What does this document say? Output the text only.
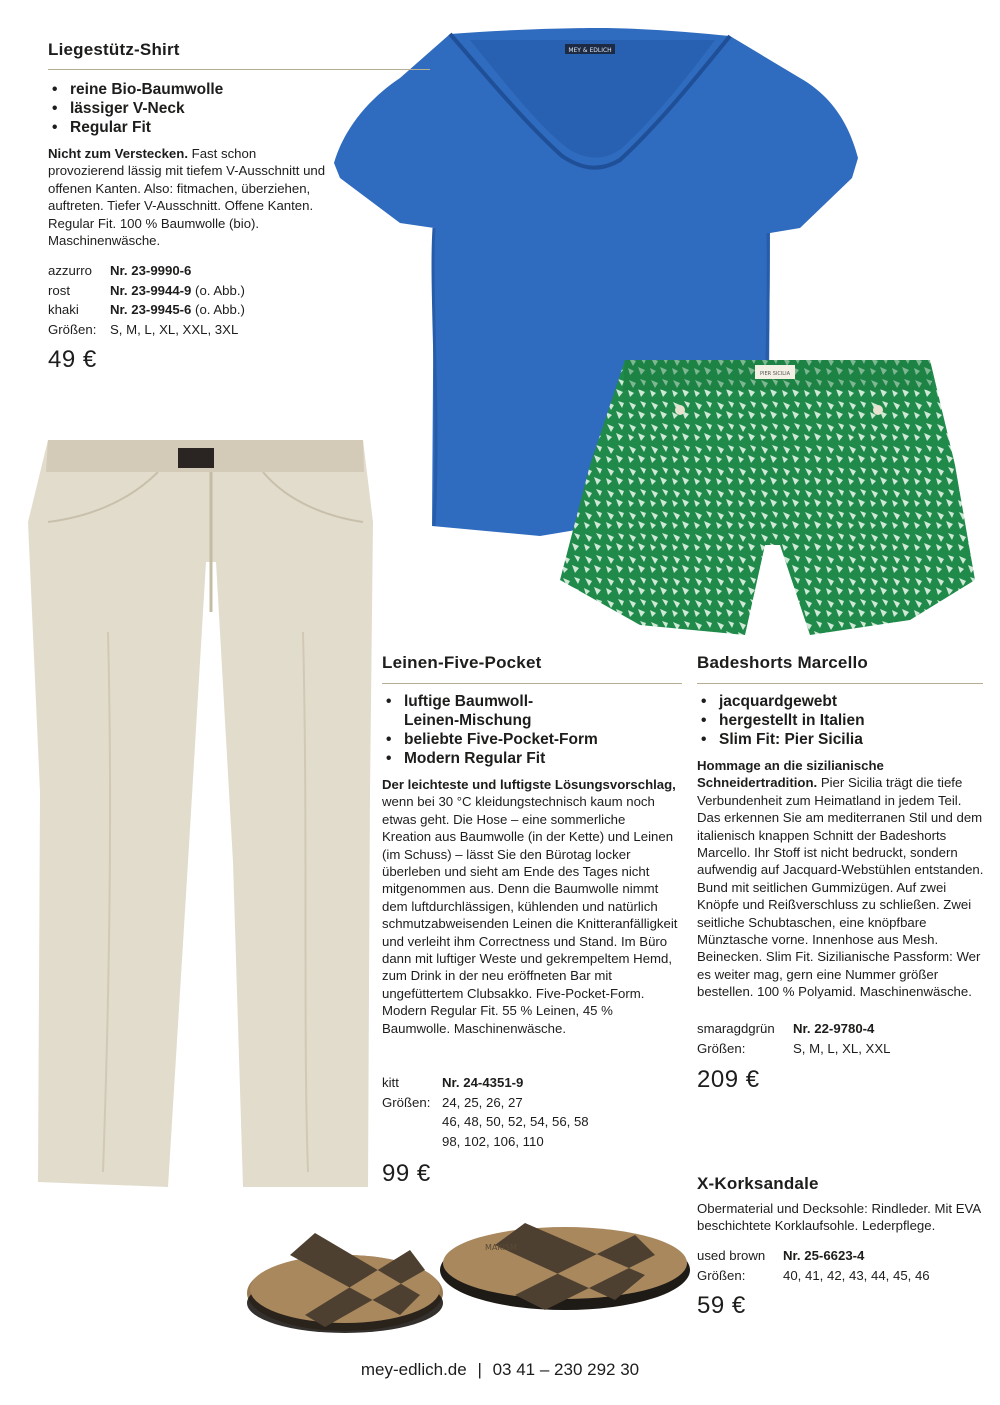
MEY & EDLICH
PIER SICILIA
MAKISM
Liegestütz-Shirt
• reine Bio-Baumwolle
• lässiger V-Neck
• Regular Fit

Nicht zum Verstecken. Fast schon provozierend lässig mit tiefem V-Ausschnitt und offenen Kanten. Also: fitmachen, überziehen, auftreten. Tiefer V-Ausschnitt. Offene Kanten. Regular Fit. 100 % Baumwolle (bio). Maschinenwäsche.

azzurro	Nr. 23-9990-6
rost	Nr. 23-9944-9 (o. Abb.)
khaki	Nr. 23-9945-6 (o. Abb.)
Größen:	S, M, L, XL, XXL, 3XL
49 €
Leinen-Five-Pocket
• luftige Baumwoll-Leinen-Mischung
• beliebte Five-Pocket-Form
• Modern Regular Fit

Der leichteste und luftigste Lösungsvorschlag, wenn bei 30 °C kleidungstechnisch kaum noch etwas geht. Die Hose – eine sommerliche Kreation aus Baumwolle (in der Kette) und Leinen (im Schuss) – lässt Sie den Bürotag locker überleben und sieht am Ende des Tages nicht mitgenommen aus. Denn die Baumwolle nimmt dem luftdurchlässigen, kühlenden und natürlich schmutzabweisenden Leinen die Knitteranfälligkeit und verleiht ihm Correctness und Stand. Im Büro dann mit luftiger Weste und gekrempeltem Hemd, zum Drink in der neu eröffneten Bar mit ungefüttertem Clubsakko. Five-Pocket-Form. Modern Regular Fit. 55 % Leinen, 45 % Baumwolle. Maschinenwäsche.

kitt	Nr. 24-4351-9
Größen:	24, 25, 26, 27
	46, 48, 50, 52, 54, 56, 58
	98, 102, 106, 110
99 €
Badeshorts Marcello
• jacquardgewebt
• hergestellt in Italien
• Slim Fit: Pier Sicilia

Hommage an die sizilianische Schneidertradition. Pier Sicilia trägt die tiefe Verbundenheit zum Heimatland in jedem Teil. Das erkennen Sie am mediterranen Stil und dem italienisch knappen Schnitt der Badeshorts Marcello. Ihr Stoff ist nicht bedruckt, sondern aufwendig auf Jacquard-Webstühlen entstanden. Bund mit seitlichen Gummizügen. Auf zwei Knöpfe und Reißverschluss zu schließen. Zwei seitliche Schubtaschen, eine knöpfbare Münztasche vorne. Innenhose aus Mesh. Beinecken. Slim Fit. Sizilianische Passform: Wer es weiter mag, gern eine Nummer größer bestellen. 100 % Polyamid. Maschinenwäsche.

smaragdgrün	Nr. 22-9780-4
Größen:	S, M, L, XL, XXL
209 €
X-Korksandale

Obermaterial und Decksohle: Rindleder. Mit EVA beschichtete Korklaufsohle. Lederpflege.

used brown	Nr. 25-6623-4
Größen:	40, 41, 42, 43, 44, 45, 46
59 €
mey-edlich.de | 03 41 – 230 292 30
